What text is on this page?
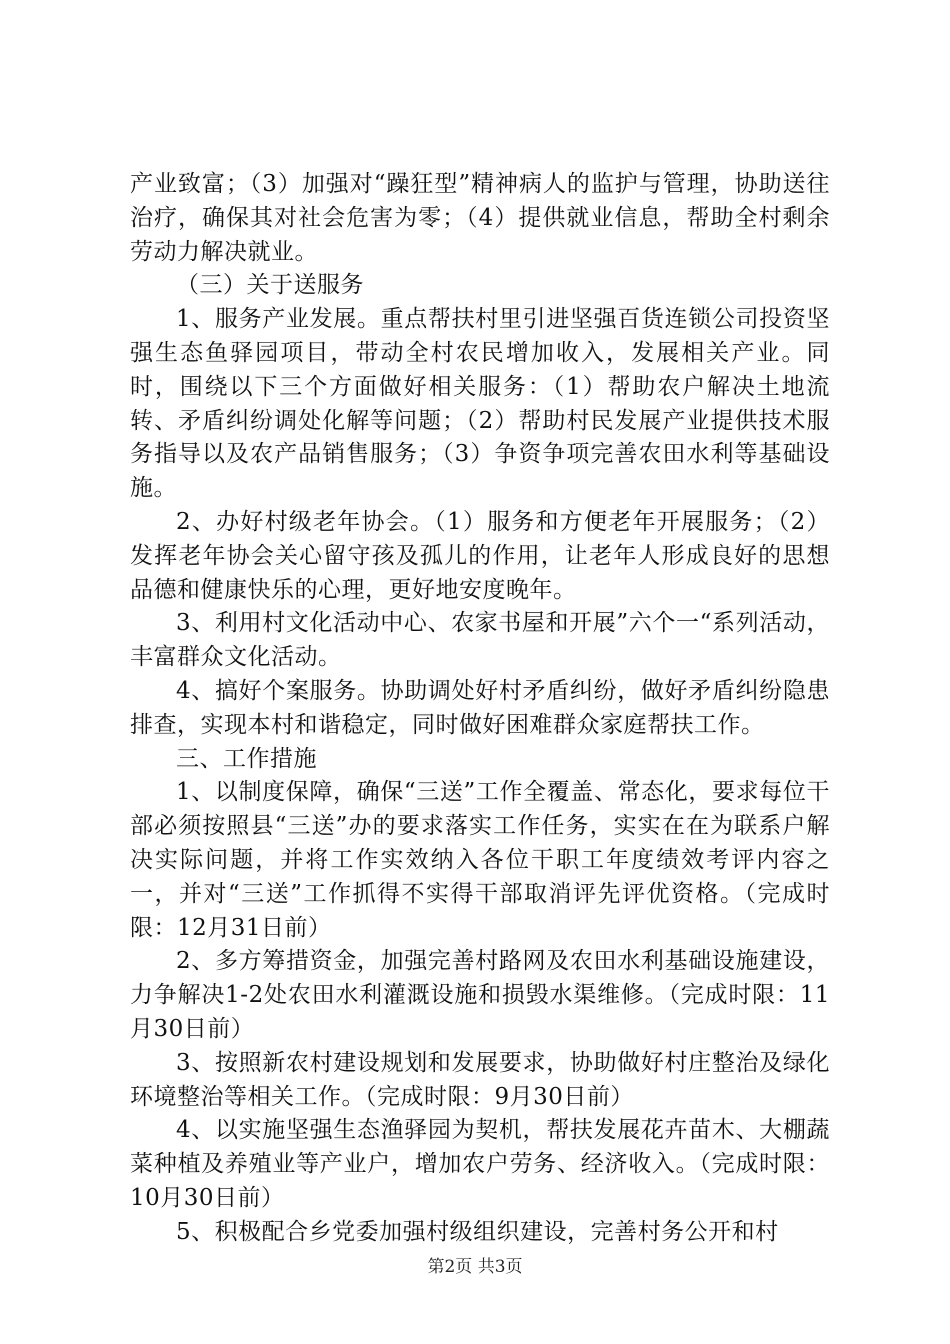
产业致富；（3）加强对“躁狂型”精神病人的监护与管理，协助送往治疗，确保其对社会危害为零；（4）提供就业信息，帮助全村剩余劳动力解决就业。

（三）关于送服务

1、服务产业发展。重点帮扶村里引进坚强百货连锁公司投资坚强生态鱼驿园项目，带动全村农民增加收入，发展相关产业。同时，围绕以下三个方面做好相关服务：（1）帮助农户解决土地流转、矛盾纠纷调处化解等问题；（2）帮助村民发展产业提供技术服务指导以及农产品销售服务；（3）争资争项完善农田水利等基础设施。

2、办好村级老年协会。（1）服务和方便老年开展服务；（2）发挥老年协会关心留守孩及孤儿的作用，让老年人形成良好的思想品德和健康快乐的心理，更好地安度晚年。

3、利用村文化活动中心、农家书屋和开展”六个一“系列活动，丰富群众文化活动。

4、搞好个案服务。协助调处好村矛盾纠纷，做好矛盾纠纷隐患排查，实现本村和谐稳定，同时做好困难群众家庭帮扶工作。

三、工作措施

1、以制度保障，确保“三送”工作全覆盖、常态化，要求每位干部必须按照县“三送”办的要求落实工作任务，实实在在为联系户解决实际问题，并将工作实效纳入各位干职工年度绩效考评内容之一，并对“三送”工作抓得不实得干部取消评先评优资格。（完成时限：12月31日前）

2、多方筹措资金，加强完善村路网及农田水利基础设施建设，力争解决1-2处农田水利灌溉设施和损毁水渠维修。（完成时限：11月30日前）

3、按照新农村建设规划和发展要求，协助做好村庄整治及绿化环境整治等相关工作。（完成时限：9月30日前）

4、以实施坚强生态渔驿园为契机，帮扶发展花卉苗木、大棚蔬菜种植及养殖业等产业户，增加农户劳务、经济收入。（完成时限：10月30日前）

5、积极配合乡党委加强村级组织建设，完善村务公开和村

第2页 共3页
